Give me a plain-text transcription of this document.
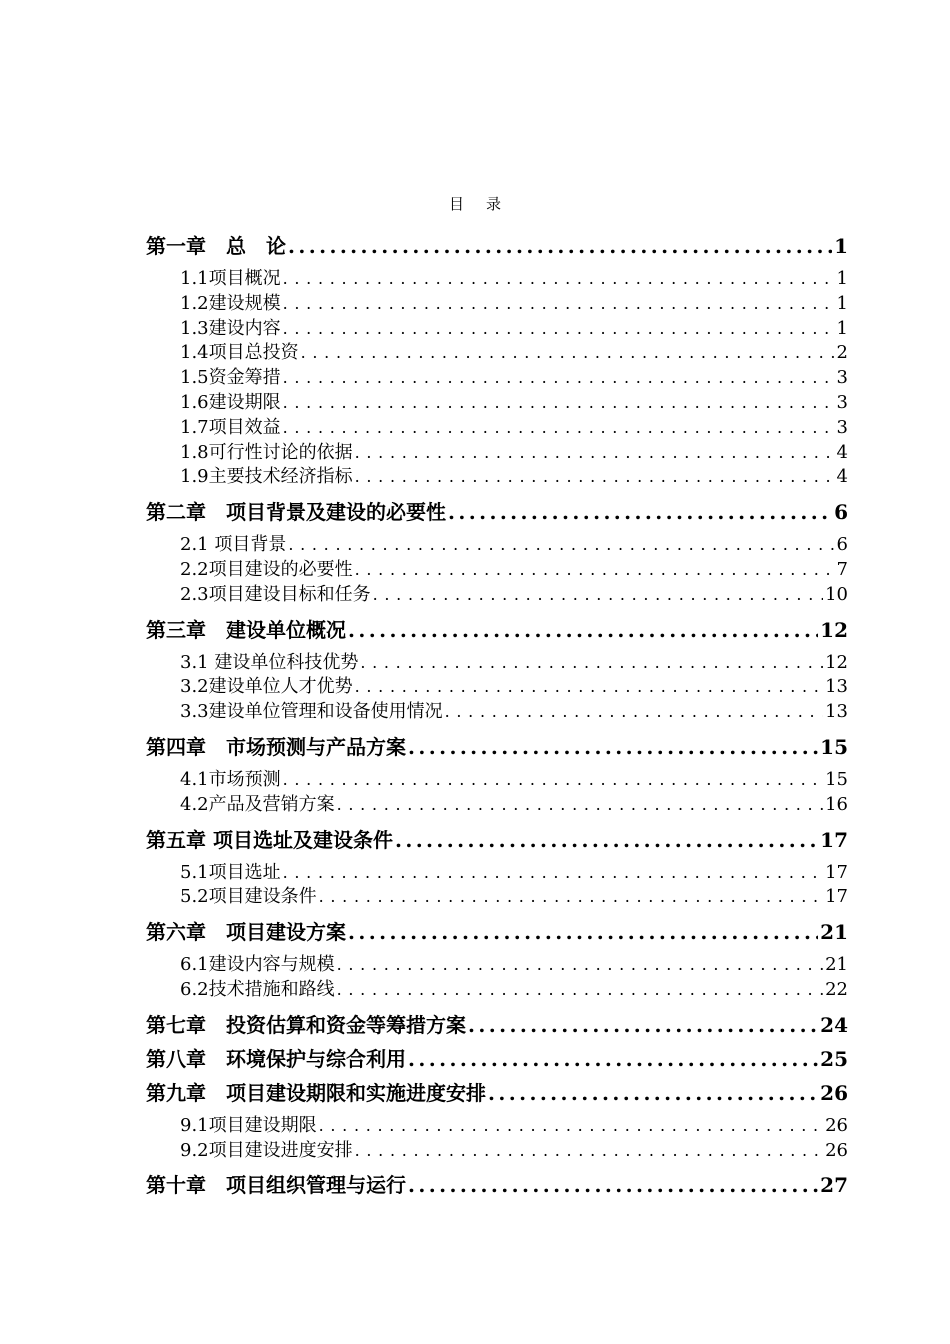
目 录
第一章　总　论 .....	1
1.1项目概况 . . .	1
1.2建设规模 . . .	1
1.3建设内容 . . .	1
1.4项目总投资 . . .	2
1.5资金筹措 . . .	3
1.6建设期限 . . .	3
1.7项目效益 . . .	3
1.8可行性讨论的依据 . . .	4
1.9主要技术经济指标 . . .	4
第二章　项目背景及建设的必要性 .....	6
2.1 项目背景 . . .	6
2.2项目建设的必要性 . . .	7
2.3项目建设目标和任务 . . .	10
第三章　建设单位概况 .....	12
3.1 建设单位科技优势 . . .	12
3.2建设单位人才优势 . . .	13
3.3建设单位管理和设备使用情况 . . .	13
第四章　市场预测与产品方案 .....	15
4.1市场预测 . . .	15
4.2产品及营销方案 . . .	16
第五章 项目选址及建设条件 .....	17
5.1项目选址 . . .	17
5.2项目建设条件 . . .	17
第六章　项目建设方案 .....	21
6.1建设内容与规模 . . .	21
6.2技术措施和路线 . . .	22
第七章　投资估算和资金等筹措方案 .....	24
第八章　环境保护与综合利用 .....	25
第九章　项目建设期限和实施进度安排 .....	26
9.1项目建设期限 . . .	26
9.2项目建设进度安排 . . .	26
第十章　项目组织管理与运行 .....	27
